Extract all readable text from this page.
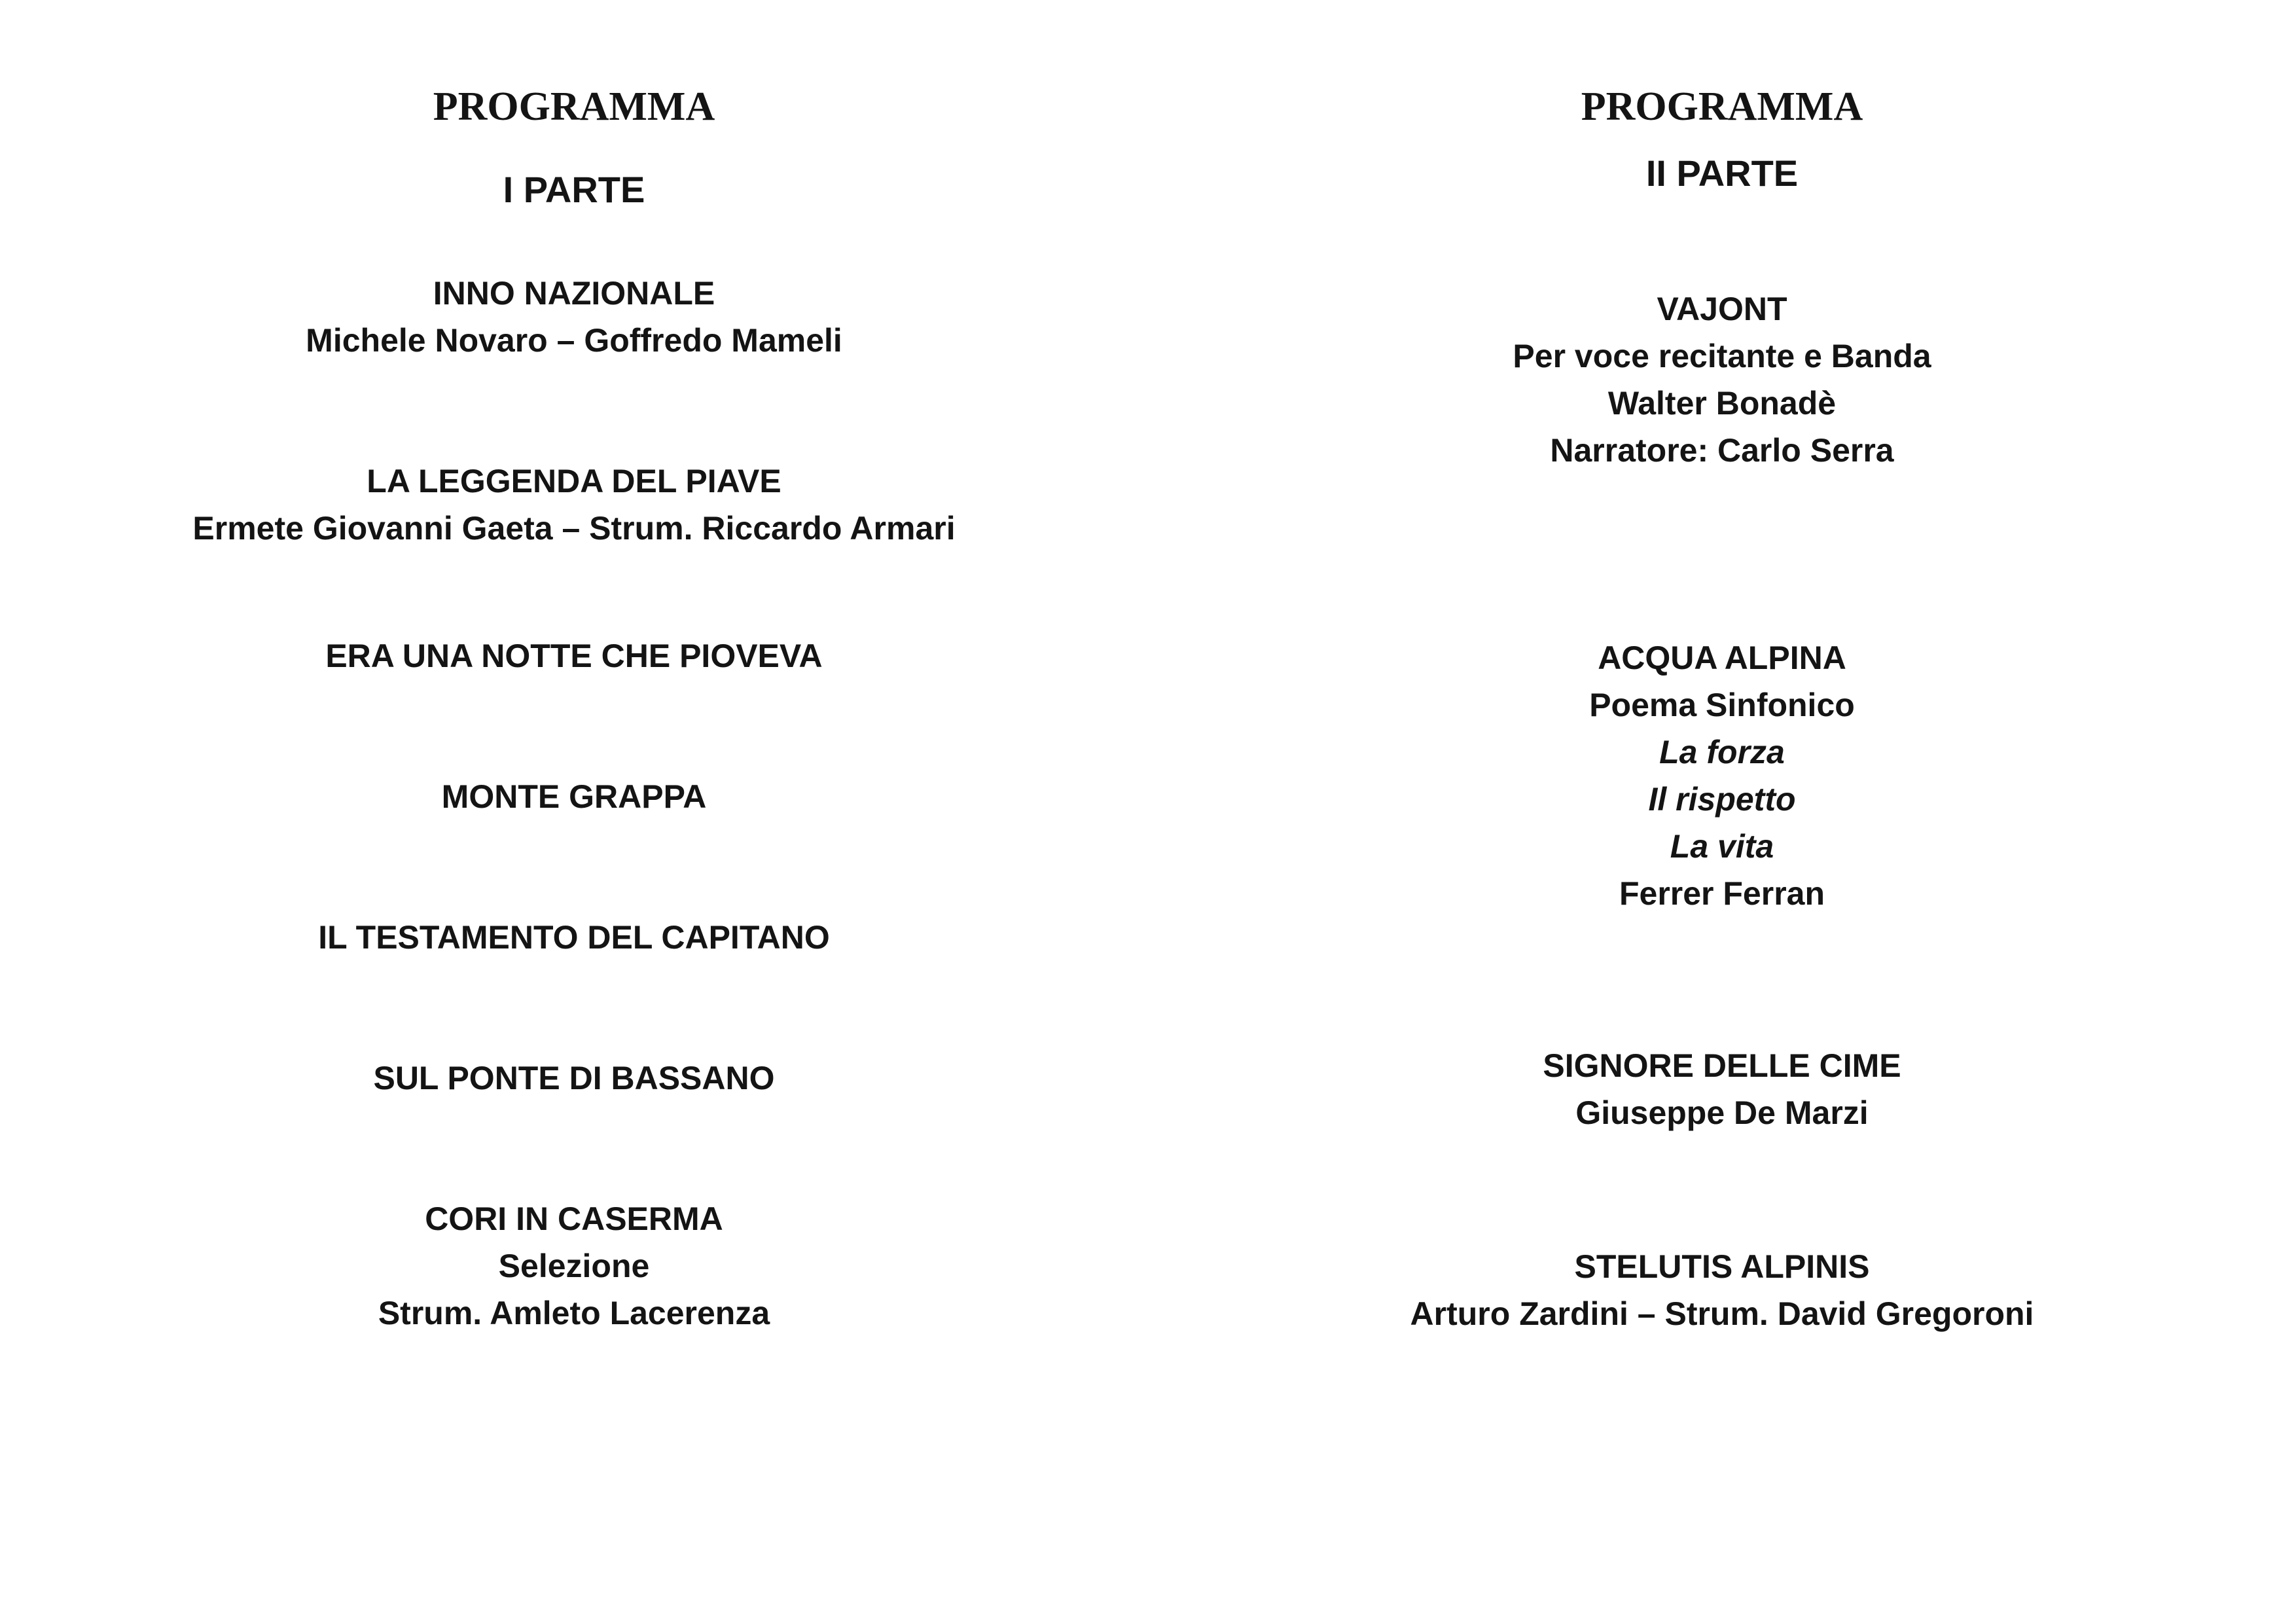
PROGRAMMA
I PARTE
INNO NAZIONALE
Michele Novaro – Goffredo Mameli
LA LEGGENDA DEL PIAVE
Ermete Giovanni Gaeta – Strum. Riccardo Armari
ERA UNA NOTTE CHE PIOVEVA
MONTE GRAPPA
IL TESTAMENTO DEL CAPITANO
SUL PONTE DI BASSANO
CORI IN CASERMA
Selezione
Strum. Amleto Lacerenza
PROGRAMMA
II PARTE
VAJONT
Per voce recitante e Banda
Walter Bonadè
Narratore: Carlo Serra
ACQUA ALPINA
Poema Sinfonico
La forza
Il rispetto
La vita
Ferrer Ferran
SIGNORE DELLE CIME
Giuseppe De Marzi
STELUTIS ALPINIS
Arturo Zardini – Strum. David Gregoroni
